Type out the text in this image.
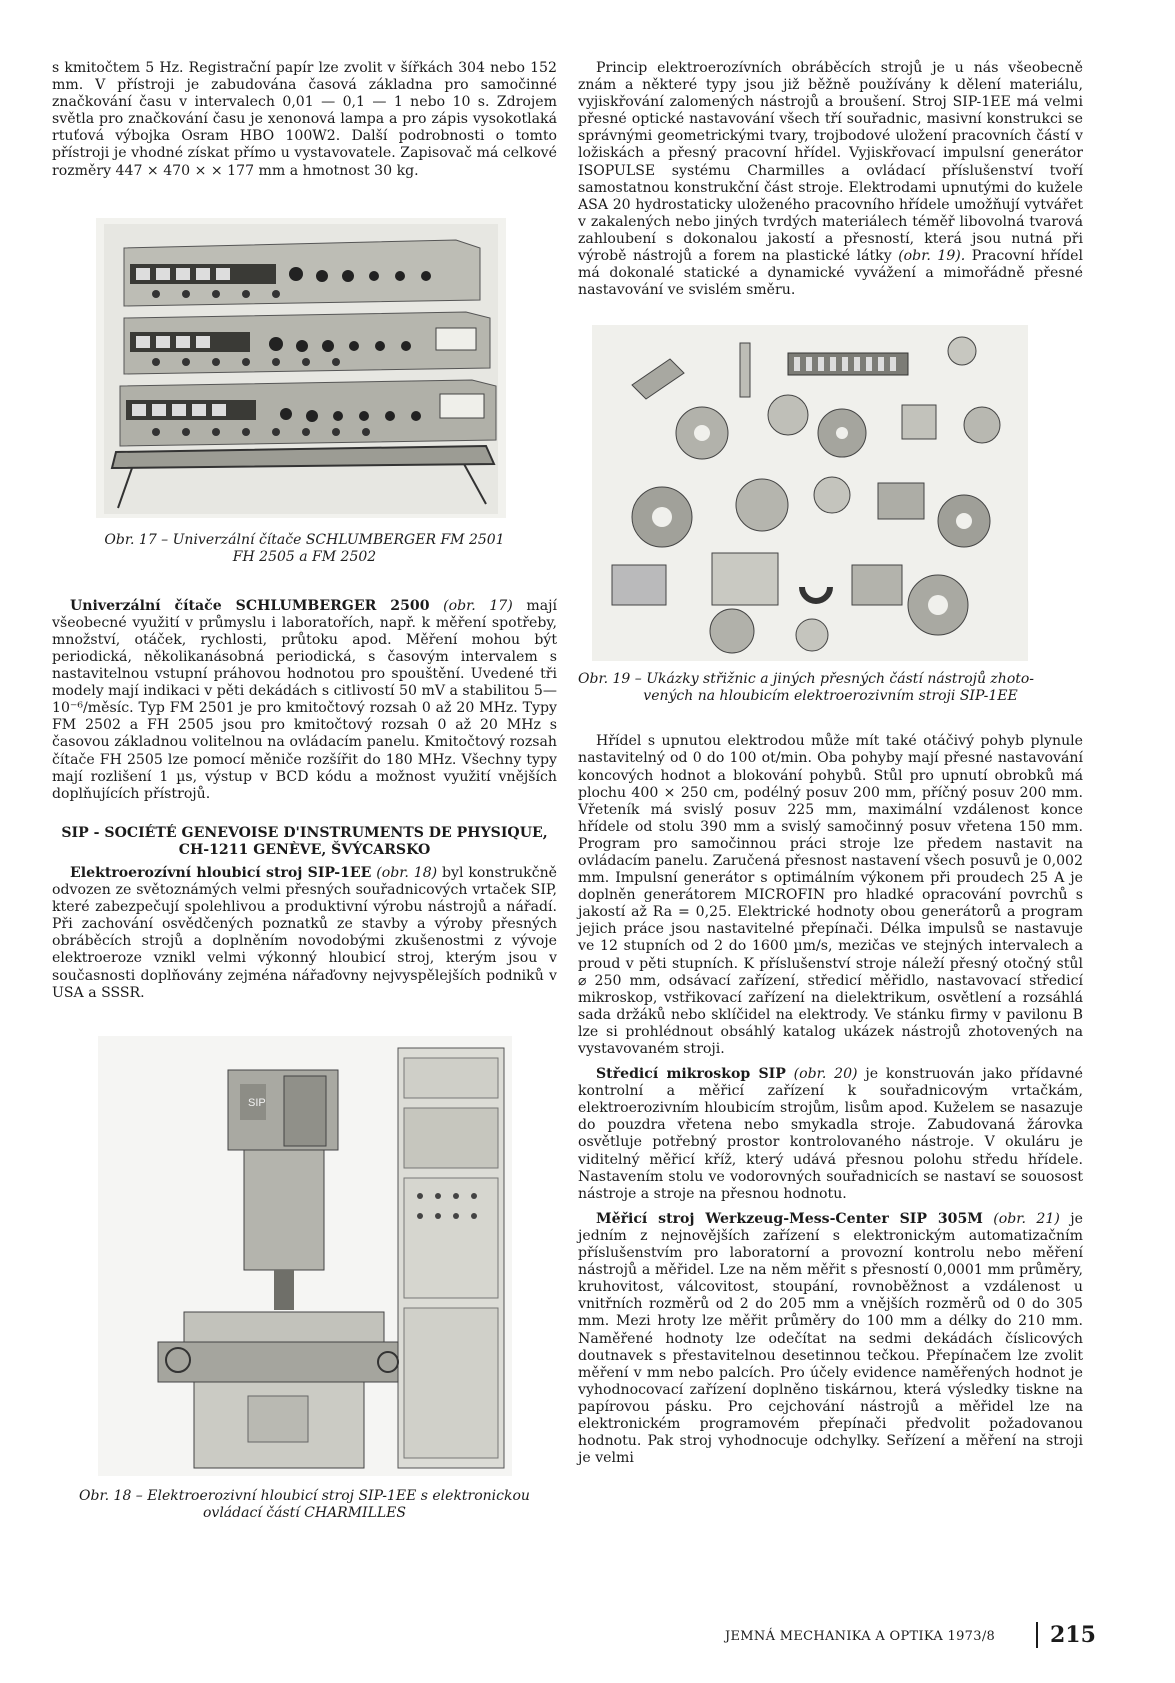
s kmitočtem 5 Hz. Registrační papír lze zvolit v šířkách 304 nebo 152 mm. V přístroji je zabudována časová základna pro samočinné značkování času v intervalech 0,01 — 0,1 — 1 nebo 10 s. Zdrojem světla pro značkování času je xenonová lampa a pro zápis vysokotlaká rtuťová výbojka Osram HBO 100W2. Další podrobnosti o tomto přístroji je vhodné získat přímo u vystavovatele. Zapisovač má celkové rozměry 447 × 470 × × 177 mm a hmotnost 30 kg.

Obr. 17 – Univerzální čítače SCHLUMBERGER FM 2501

FH 2505 a FM 2502

Univerzální čítače SCHLUMBERGER 2500 (obr. 17) mají všeobecné využití v průmyslu i laboratořích, např. k měření spotřeby, množství, otáček, rychlosti, průtoku apod. Měření mohou být periodická, několikanásobná periodická, s časovým intervalem s nastavitelnou vstupní práhovou hodnotou pro spouštění. Uvedené tři modely mají indikaci v pěti dekádách s citlivostí 50 mV a stabilitou 5—10⁻⁶/měsíc. Typ FM 2501 je pro kmitočtový rozsah 0 až 20 MHz. Typy FM 2502 a FH 2505 jsou pro kmitočtový rozsah 0 až 20 MHz s časovou základnou volitelnou na ovládacím panelu. Kmitočtový rozsah čítače FH 2505 lze pomocí měniče rozšířit do 180 MHz. Všechny typy mají rozlišení 1 µs, výstup v BCD kódu a možnost využití vnějších doplňujících přístrojů.

SIP - SOCIÉTÉ GENEVOISE D'INSTRUMENTS DE PHYSIQUE,

CH-1211 GENÈVE, ŠVÝCARSKO

Elektroerozívní hloubicí stroj SIP-1EE (obr. 18) byl konstrukčně odvozen ze světoznámých velmi přesných souřadnicových vrtaček SIP, které zabezpečují spolehlivou a produktivní výrobu nástrojů a nářadí. Při zachování osvědčených poznatků ze stavby a výroby přesných obráběcích strojů a doplněním novodobými zkušenostmi z vývoje elektroeroze vznikl velmi výkonný hloubicí stroj, kterým jsou v současnosti doplňovány zejména nářaďovny nejvyspělejších podniků v USA a SSSR.

SIP

Obr. 18 – Elektroerozivní hloubicí stroj SIP-1EE s elektronickou

ovládací částí CHARMILLES

Princip elektroerozívních obráběcích strojů je u nás všeobecně znám a některé typy jsou již běžně používány k dělení materiálu, vyjiskřování zalomených nástrojů a broušení. Stroj SIP-1EE má velmi přesné optické nastavování všech tří souřadnic, masivní konstrukci se správnými geometrickými tvary, trojbodové uložení pracovních částí v ložiskách a přesný pracovní hřídel. Vyjiskřovací impulsní generátor ISOPULSE systému Charmilles a ovládací příslušenství tvoří samostatnou konstrukční část stroje. Elektrodami upnutými do kužele ASA 20 hydrostaticky uloženého pracovního hřídele umožňují vytvářet v zakalených nebo jiných tvrdých materiálech téměř libovolná tvarová zahloubení s dokonalou jakostí a přesností, která jsou nutná při výrobě nástrojů a forem na plastické látky (obr. 19). Pracovní hřídel má dokonalé statické a dynamické vyvážení a mimořádně přesné nastavování ve svislém směru.

Obr. 19 – Ukázky střižnic a jiných přesných částí nástrojů zhoto-

vených na hloubicím elektroerozivním stroji SIP-1EE

Hřídel s upnutou elektrodou může mít také otáčivý pohyb plynule nastavitelný od 0 do 100 ot/min. Oba pohyby mají přesné nastavování koncových hodnot a blokování pohybů. Stůl pro upnutí obrobků má plochu 400 × 250 cm, podélný posuv 200 mm, příčný posuv 200 mm. Vřeteník má svislý posuv 225 mm, maximální vzdálenost konce hřídele od stolu 390 mm a svislý samočinný posuv vřetena 150 mm. Program pro samočinnou práci stroje lze předem nastavit na ovládacím panelu. Zaručená přesnost nastavení všech posuvů je 0,002 mm. Impulsní generátor s optimálním výkonem při proudech 25 A je doplněn generátorem MICROFIN pro hladké opracování povrchů s jakostí až Ra = 0,25. Elektrické hodnoty obou generátorů a program jejich práce jsou nastavitelné přepínači. Délka impulsů se nastavuje ve 12 stupních od 2 do 1600 µm/s, mezičas ve stejných intervalech a proud v pěti stupních. K příslušenství stroje náleží přesný otočný stůl ⌀ 250 mm, odsávací zařízení, středicí měřidlo, nastavovací středicí mikroskop, vstřikovací zařízení na dielektrikum, osvětlení a rozsáhlá sada držáků nebo sklíčidel na elektrody. Ve stánku firmy v pavilonu B lze si prohlédnout obsáhlý katalog ukázek nástrojů zhotovených na vystavovaném stroji.

Středicí mikroskop SIP (obr. 20) je konstruován jako přídavné kontrolní a měřicí zařízení k souřadnicovým vrtačkám, elektroerozivním hloubicím strojům, lisům apod. Kuželem se nasazuje do pouzdra vřetena nebo smykadla stroje. Zabudovaná žárovka osvětluje potřebný prostor kontrolovaného nástroje. V okuláru je viditelný měřicí kříž, který udává přesnou polohu středu hřídele. Nastavením stolu ve vodorovných souřadnicích se nastaví se souosost nástroje a stroje na přesnou hodnotu.

Měřicí stroj Werkzeug-Mess-Center SIP 305M (obr. 21) je jedním z nejnovějších zařízení s elektronickým automatizačním příslušenstvím pro laboratorní a provozní kontrolu nebo měření nástrojů a měřidel. Lze na něm měřit s přesností 0,0001 mm průměry, kruhovitost, válcovitost, stoupání, rovnoběžnost a vzdálenost u vnitřních rozměrů od 2 do 205 mm a vnějších rozměrů od 0 do 305 mm. Mezi hroty lze měřit průměry do 100 mm a délky do 210 mm. Naměřené hodnoty lze odečítat na sedmi dekádách číslicových doutnavek s přestavitelnou desetinnou tečkou. Přepínačem lze zvolit měření v mm nebo palcích. Pro účely evidence naměřených hodnot je vyhodnocovací zařízení doplněno tiskárnou, která výsledky tiskne na papírovou pásku. Pro cejchování nástrojů a měřidel lze na elektronickém programovém přepínači předvolit požadovanou hodnotu. Pak stroj vyhodnocuje odchylky. Seřízení a měření na stroji je velmi

JEMNÁ MECHANIKA A OPTIKA 1973/8	215
